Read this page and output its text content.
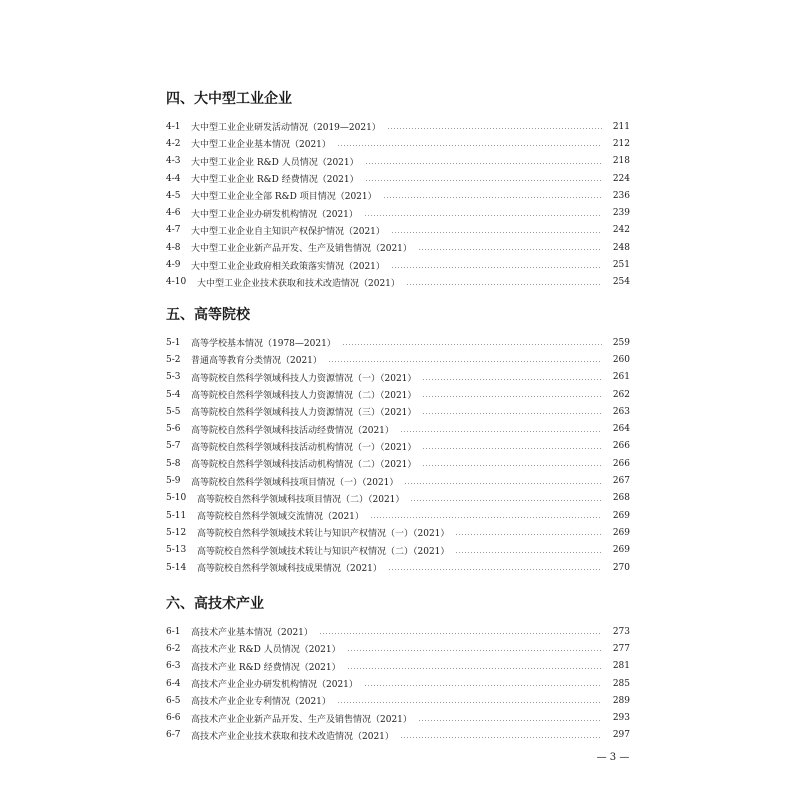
四、大中型工业企业
4-1	大中型工业企业研发活动情况（2019—2021）	211
4-2	大中型工业企业基本情况（2021）	212
4-3	大中型工业企业 R&D 人员情况（2021）	218
4-4	大中型工业企业 R&D 经费情况（2021）	224
4-5	大中型工业企业全部 R&D 项目情况（2021）	236
4-6	大中型工业企业办研发机构情况（2021）	239
4-7	大中型工业企业自主知识产权保护情况（2021）	242
4-8	大中型工业企业新产品开发、生产及销售情况（2021）	248
4-9	大中型工业企业政府相关政策落实情况（2021）	251
4-10	大中型工业企业技术获取和技术改造情况（2021）	254
五、高等院校
5-1	高等学校基本情况（1978—2021）	259
5-2	普通高等教育分类情况（2021）	260
5-3	高等院校自然科学领域科技人力资源情况（一）（2021）	261
5-4	高等院校自然科学领域科技人力资源情况（二）（2021）	262
5-5	高等院校自然科学领域科技人力资源情况（三）（2021）	263
5-6	高等院校自然科学领域科技活动经费情况（2021）	264
5-7	高等院校自然科学领域科技活动机构情况（一）（2021）	266
5-8	高等院校自然科学领域科技活动机构情况（二）（2021）	266
5-9	高等院校自然科学领域科技项目情况（一）（2021）	267
5-10	高等院校自然科学领域科技项目情况（二）（2021）	268
5-11	高等院校自然科学领域交流情况（2021）	269
5-12	高等院校自然科学领域技术转让与知识产权情况（一）（2021）	269
5-13	高等院校自然科学领域技术转让与知识产权情况（二）（2021）	269
5-14	高等院校自然科学领域科技成果情况（2021）	270
六、高技术产业
6-1	高技术产业基本情况（2021）	273
6-2	高技术产业 R&D 人员情况（2021）	277
6-3	高技术产业 R&D 经费情况（2021）	281
6-4	高技术产业企业办研发机构情况（2021）	285
6-5	高技术产业企业专利情况（2021）	289
6-6	高技术产业企业新产品开发、生产及销售情况（2021）	293
6-7	高技术产业企业技术获取和技术改造情况（2021）	297
— 3 —
